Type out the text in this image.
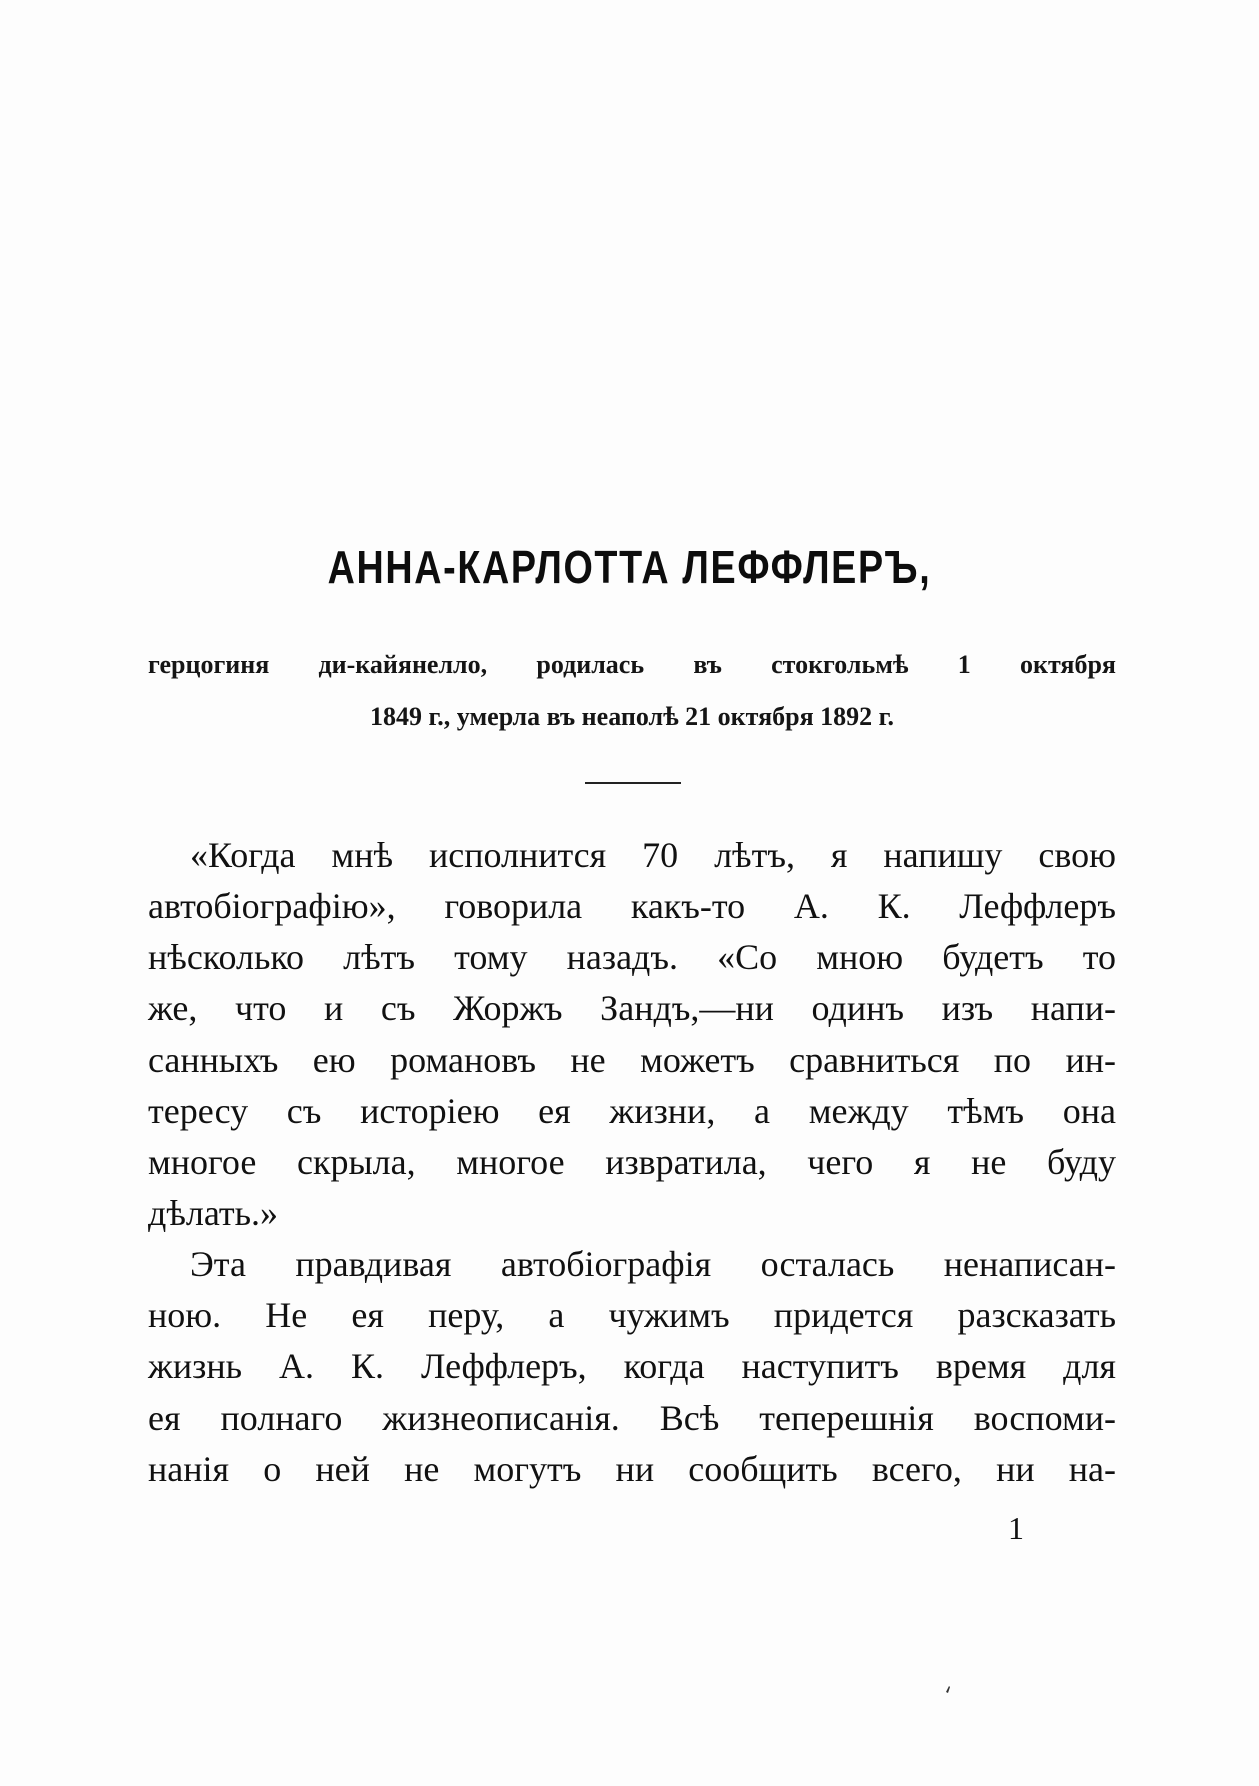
АННА-КАРЛОТТА ЛЕФФЛЕРЪ,
герцогиня ди-кайянелло, родилась въ стокгольмѣ 1 октября
1849 г., умерла въ неаполѣ 21 октября 1892 г.
«Когда мнѣ исполнится 70 лѣтъ, я напишу свою
автобіографію», говорила какъ-то А. К. Леффлеръ
нѣсколько лѣтъ тому назадъ. «Со мною будетъ то
же, что и съ Жоржъ Зандъ,—ни одинъ изъ напи-
санныхъ ею романовъ не можетъ сравниться по ин-
тересу съ исторіею ея жизни, а между тѣмъ она
многое скрыла, многое извратила, чего я не буду
дѣлать.»
Эта правдивая автобіографія осталась ненаписан-
ною. Не ея перу, а чужимъ придется разсказать
жизнь А. К. Леффлеръ, когда наступитъ время для
ея полнаго жизнеописанія. Всѣ теперешнія воспоми-
нанія о ней не могутъ ни сообщить всего, ни на-
1
